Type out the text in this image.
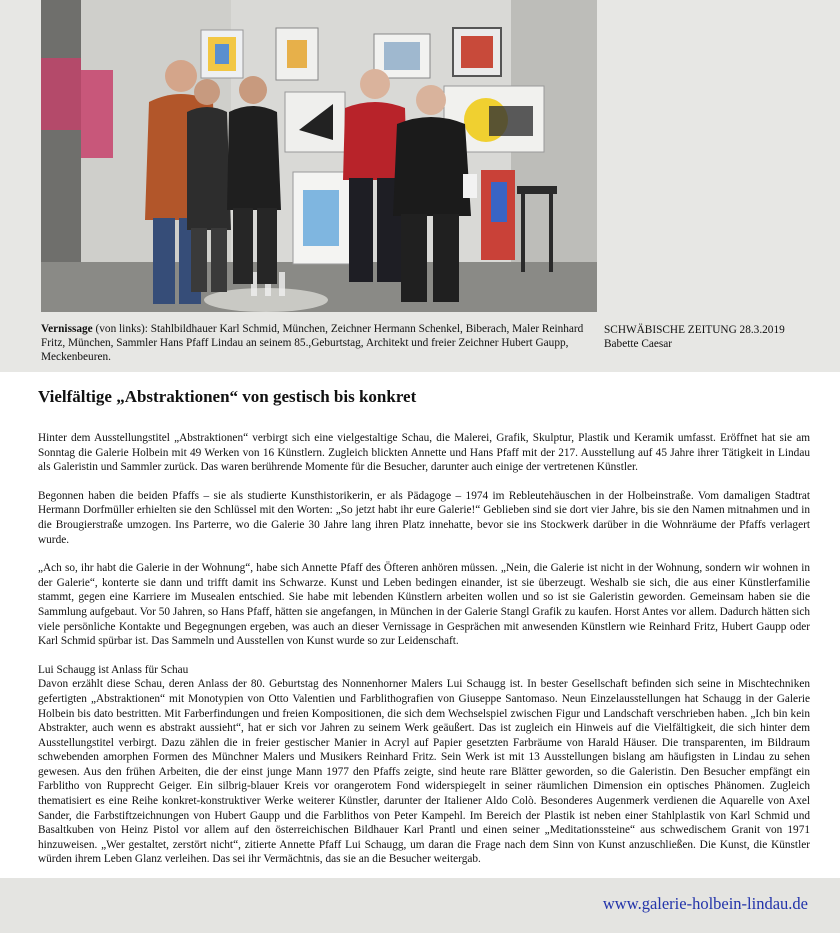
Vernissage (von links): Stahlbildhauer Karl Schmid, München, Zeichner Hermann Schenkel, Biberach, Maler Reinhard Fritz, München, Sammler Hans Pfaff Lindau an seinem 85.,Geburtstag, Architekt und freier Zeichner Hubert Gaupp, Meckenbeuren.
SCHWÄBISCHE ZEITUNG 28.3.2019
Babette Caesar
Vielfältige „Abstraktionen“ von gestisch bis konkret

Hinter dem Ausstellungstitel „Abstraktionen“ verbirgt sich eine vielgestaltige Schau, die Malerei, Grafik, Skulptur, Plastik und Keramik umfasst. Eröffnet hat sie am Sonntag die Galerie Holbein mit 49 Werken von 16 Künstlern. Zugleich blickten Annette und Hans Pfaff mit der 217. Ausstellung auf 45 Jahre ihrer Tätigkeit in Lindau als Galeristin und Sammler zurück. Das waren berührende Momente für die Besucher, darunter auch einige der vertretenen Künstler.

Begonnen haben die beiden Pfaffs – sie als studierte Kunsthistorikerin, er als Pädagoge – 1974 im Rebleutehäuschen in der Holbeinstraße. Vom damaligen Stadtrat Hermann Dorfmüller erhielten sie den Schlüssel mit den Worten: „So jetzt habt ihr eure Galerie!“ Geblieben sind sie dort vier Jahre, bis sie den Namen mitnahmen und in die Brougierstraße umzogen. Ins Parterre, wo die Galerie 30 Jahre lang ihren Platz innehatte, bevor sie ins Stockwerk darüber in die Wohnräume der Pfaffs verlagert wurde.

„Ach so, ihr habt die Galerie in der Wohnung“, habe sich Annette Pfaff des Öfteren anhören müssen. „Nein, die Galerie ist nicht in der Wohnung, sondern wir wohnen in der Galerie“, konterte sie dann und trifft damit ins Schwarze. Kunst und Leben bedingen einander, ist sie überzeugt. Weshalb sie sich, die aus einer Künstlerfamilie stammt, gegen eine Karriere im Musealen entschied. Sie habe mit lebenden Künstlern arbeiten wollen und so ist sie Galeristin geworden. Gemeinsam haben sie die Sammlung aufgebaut. Vor 50 Jahren, so Hans Pfaff, hätten sie angefangen, in München in der Galerie Stangl Grafik zu kaufen. Horst Antes vor allem. Dadurch hätten sich viele persönliche Kontakte und Begegnungen ergeben, was auch an dieser Vernissage in Gesprächen mit anwesenden Künstlern wie Reinhard Fritz, Hubert Gaupp oder Karl Schmid spürbar ist. Das Sammeln und Ausstellen von Kunst wurde so zur Leidenschaft.

Lui Schaugg ist Anlass für Schau

Davon erzählt diese Schau, deren Anlass der 80. Geburtstag des Nonnenhorner Malers Lui Schaugg ist. In bester Gesellschaft befinden sich seine in Mischtechniken gefertigten „Abstraktionen“ mit Monotypien von Otto Valentien und Farblithografien von Giuseppe Santomaso. Neun Einzelausstellungen hat Schaugg in der Galerie Holbein bis dato bestritten. Mit Farberfindungen und freien Kompositionen, die sich dem Wechselspiel zwischen Figur und Landschaft verschrieben haben. „Ich bin kein Abstrakter, auch wenn es abstrakt aussieht“, hat er sich vor Jahren zu seinem Werk geäußert. Das ist zugleich ein Hinweis auf die Vielfältigkeit, die sich hinter dem Ausstellungstitel verbirgt. Dazu zählen die in freier gestischer Manier in Acryl auf Papier gesetzten Farbräume von Harald Häuser. Die transparenten, im Bildraum schwebenden amorphen Formen des Münchner Malers und Musikers Reinhard Fritz. Sein Werk ist mit 13 Ausstellungen bislang am häufigsten in Lindau zu sehen gewesen. Aus den frühen Arbeiten, die der einst junge Mann 1977 den Pfaffs zeigte, sind heute rare Blätter geworden, so die Galeristin. Den Besucher empfängt ein Farblitho von Rupprecht Geiger. Ein silbrig-blauer Kreis vor orangerotem Fond widerspiegelt in seiner räumlichen Dimension ein optisches Phänomen. Zugleich thematisiert es eine Reihe konkret-konstruktiver Werke weiterer Künstler, darunter der Italiener Aldo Colò. Besonderes Augenmerk verdienen die Aquarelle von Axel Sander, die Farbstiftzeichnungen von Hubert Gaupp und die Farblithos von Peter Kampehl. Im Bereich der Plastik ist neben einer Stahlplastik von Karl Schmid und Basaltkuben von Heinz Pistol vor allem auf den österreichischen Bildhauer Karl Prantl und einen seiner „Meditationssteine“ aus schwedischem Granit von 1971 hinzuweisen. „Wer gestaltet, zerstört nicht“, zitierte Annette Pfaff Lui Schaugg, um daran die Frage nach dem Sinn von Kunst anzuschließen. Die Kunst, die Künstler würden ihrem Leben Glanz verleihen. Das sei ihr Vermächtnis, das sie an die Besucher weitergab.

www.galerie-holbein-lindau.de
